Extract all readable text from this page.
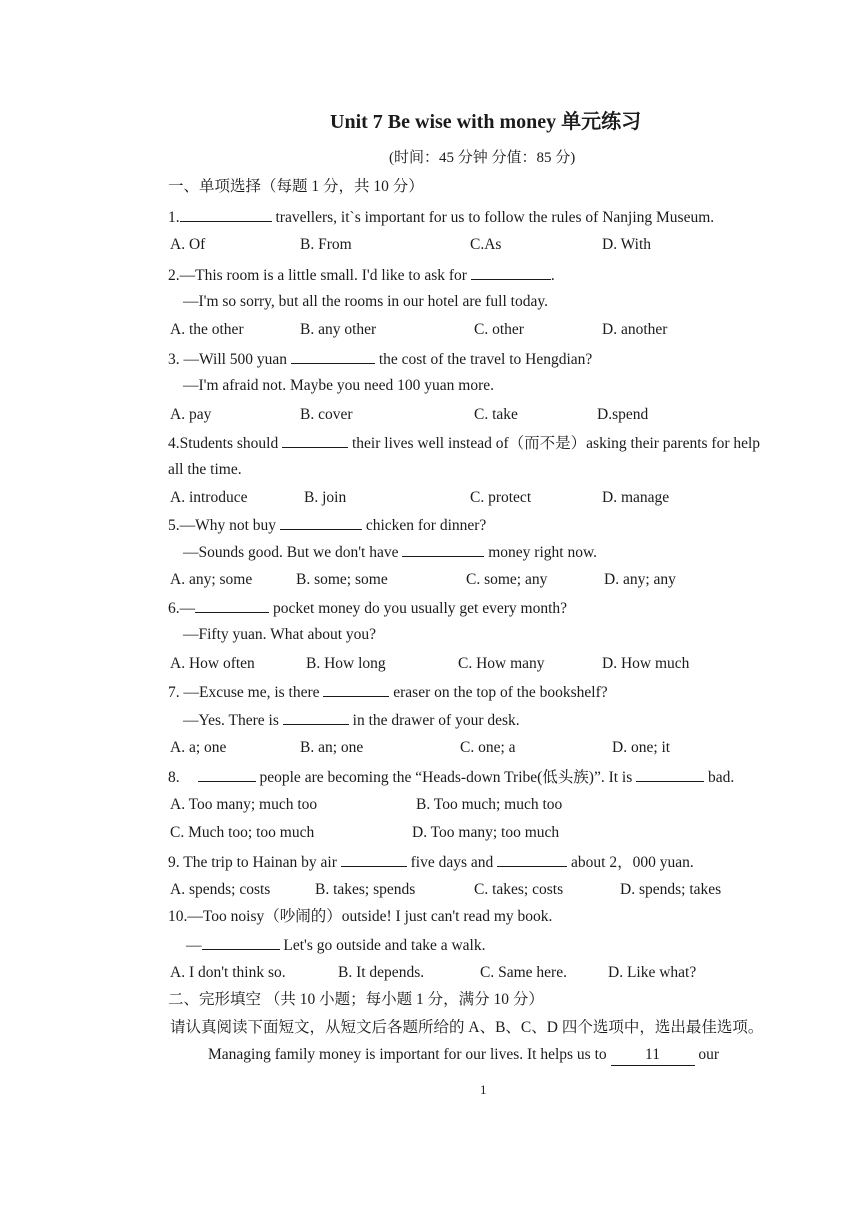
Unit 7 Be wise with money 单元练习
(时间：45 分钟 分值：85 分)
一、单项选择（每题 1 分，共 10 分）
1.	travellers, it`s important for us to follow the rules of Nanjing Museum.
A. Of	B. From	C.As	D. With
2.—This room is a little small. I'd like to ask for	.
—I'm so sorry, but all the rooms in our hotel are full today.
A. the other	B. any other	C. other	D. another
3. —Will 500 yuan	the cost of the travel to Hengdian?
—I'm afraid not. Maybe you need 100 yuan more.
A. pay	B. cover	C. take	D.spend
4.Students should	their lives well instead of（而不是）asking their parents for help
all the time.
A. introduce	B. join	C. protect	D. manage
5.—Why not buy	chicken for dinner?
—Sounds good. But we don't have	money right now.
A. any; some	B. some; some	C. some; any	D. any; any
6.—	pocket money do you usually get every month?
—Fifty yuan. What about you?
A. How often	B. How long	C. How many	D. How much
7. —Excuse me, is there	eraser on the top of the bookshelf?
—Yes. There is	in the drawer of your desk.
A. a; one	B. an; one	C. one; a	D. one; it
8.	people are becoming the “Heads-down Tribe(低头族)”. It is	bad.
A. Too many; much too	B. Too much; much too
C. Much too; too much	D. Too many; too much
9. The trip to Hainan by air	five days and	about 2，000 yuan.
A. spends; costs	B. takes; spends	C. takes; costs	D. spends; takes
10.—Too noisy（吵闹的）outside! I just can't read my book.
—	Let's go outside and take a walk.
A. I don't think so.	B. It depends.	C. Same here.	D. Like what?
二、完形填空 （共 10 小题；每小题 1 分，满分 10 分）
请认真阅读下面短文，从短文后各题所给的 A、B、C、D 四个选项中，选出最佳选项。
Managing family money is important for our lives. It helps us to 11 our
1
